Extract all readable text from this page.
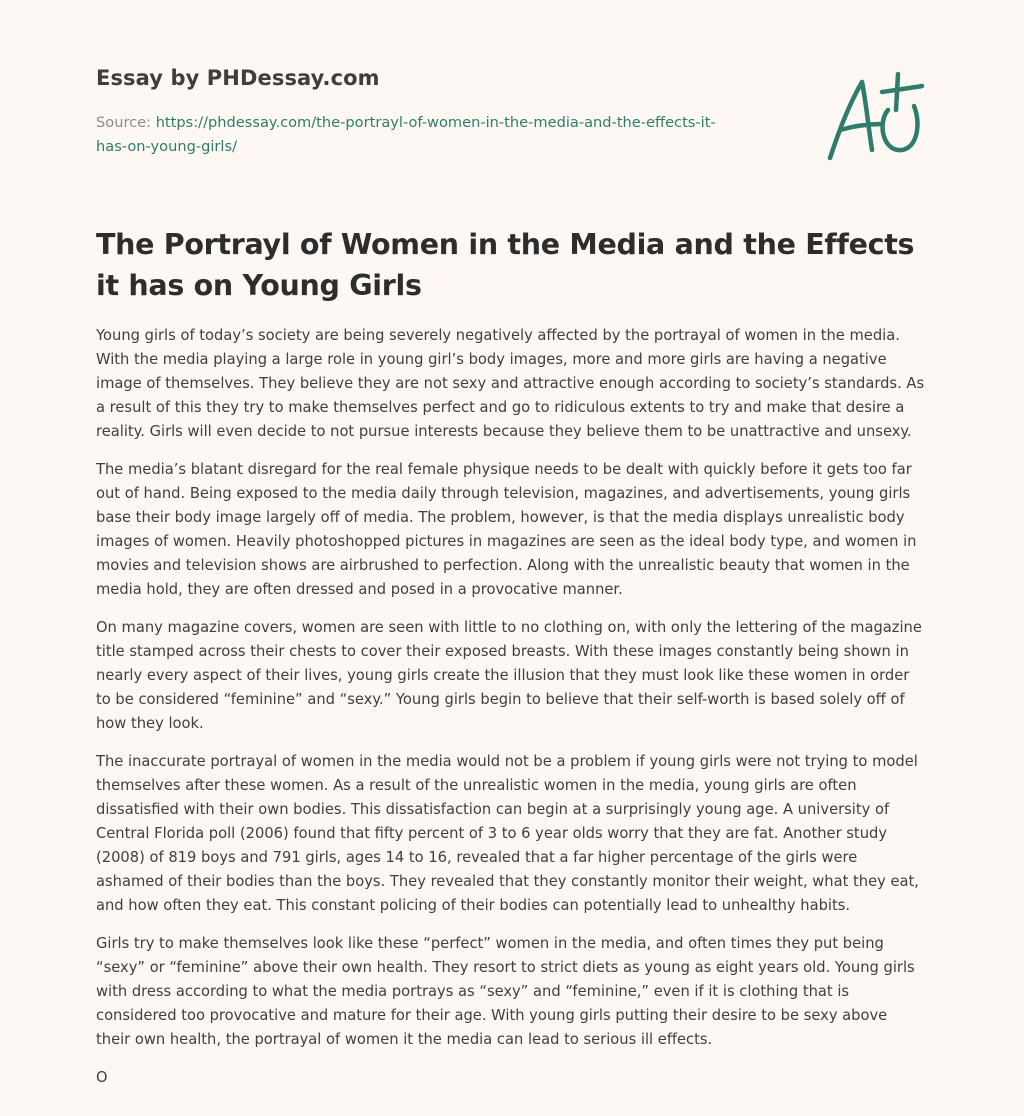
Essay by PHDessay.com
Source: https://phdessay.com/the-portrayl-of-women-in-the-media-and-the-effects-it-
has-on-young-girls/
The Portrayl of Women in the Media and the Effects it has on Young Girls

Young girls of today’s society are being severely negatively affected by the portrayal of women in the media. With the media playing a large role in young girl’s body images, more and more girls are having a negative image of themselves. They believe they are not sexy and attractive enough according to society’s standards. As a result of this they try to make themselves perfect and go to ridiculous extents to try and make that desire a reality. Girls will even decide to not pursue interests because they believe them to be unattractive and unsexy.

The media’s blatant disregard for the real female physique needs to be dealt with quickly before it gets too far out of hand. Being exposed to the media daily through television, magazines, and advertisements, young girls base their body image largely off of media. The problem, however, is that the media displays unrealistic body images of women. Heavily photoshopped pictures in magazines are seen as the ideal body type, and women in movies and television shows are airbrushed to perfection. Along with the unrealistic beauty that women in the media hold, they are often dressed and posed in a provocative manner.

On many magazine covers, women are seen with little to no clothing on, with only the lettering of the magazine title stamped across their chests to cover their exposed breasts. With these images constantly being shown in nearly every aspect of their lives, young girls create the illusion that they must look like these women in order to be considered “feminine” and “sexy.” Young girls begin to believe that their self-worth is based solely off of how they look.

The inaccurate portrayal of women in the media would not be a problem if young girls were not trying to model themselves after these women. As a result of the unrealistic women in the media, young girls are often dissatisfied with their own bodies. This dissatisfaction can begin at a surprisingly young age. A university of Central Florida poll (2006) found that fifty percent of 3 to 6 year olds worry that they are fat. Another study (2008) of 819 boys and 791 girls, ages 14 to 16, revealed that a far higher percentage of the girls were ashamed of their bodies than the boys. They revealed that they constantly monitor their weight, what they eat, and how often they eat. This constant policing of their bodies can potentially lead to unhealthy habits.

Girls try to make themselves look like these “perfect” women in the media, and often times they put being “sexy” or “feminine” above their own health. They resort to strict diets as young as eight years old. Young girls with dress according to what the media portrays as “sexy” and “feminine,” even if it is clothing that is considered too provocative and mature for their age. With young girls putting their desire to be sexy above their own health, the portrayal of women it the media can lead to serious ill effects.

O
